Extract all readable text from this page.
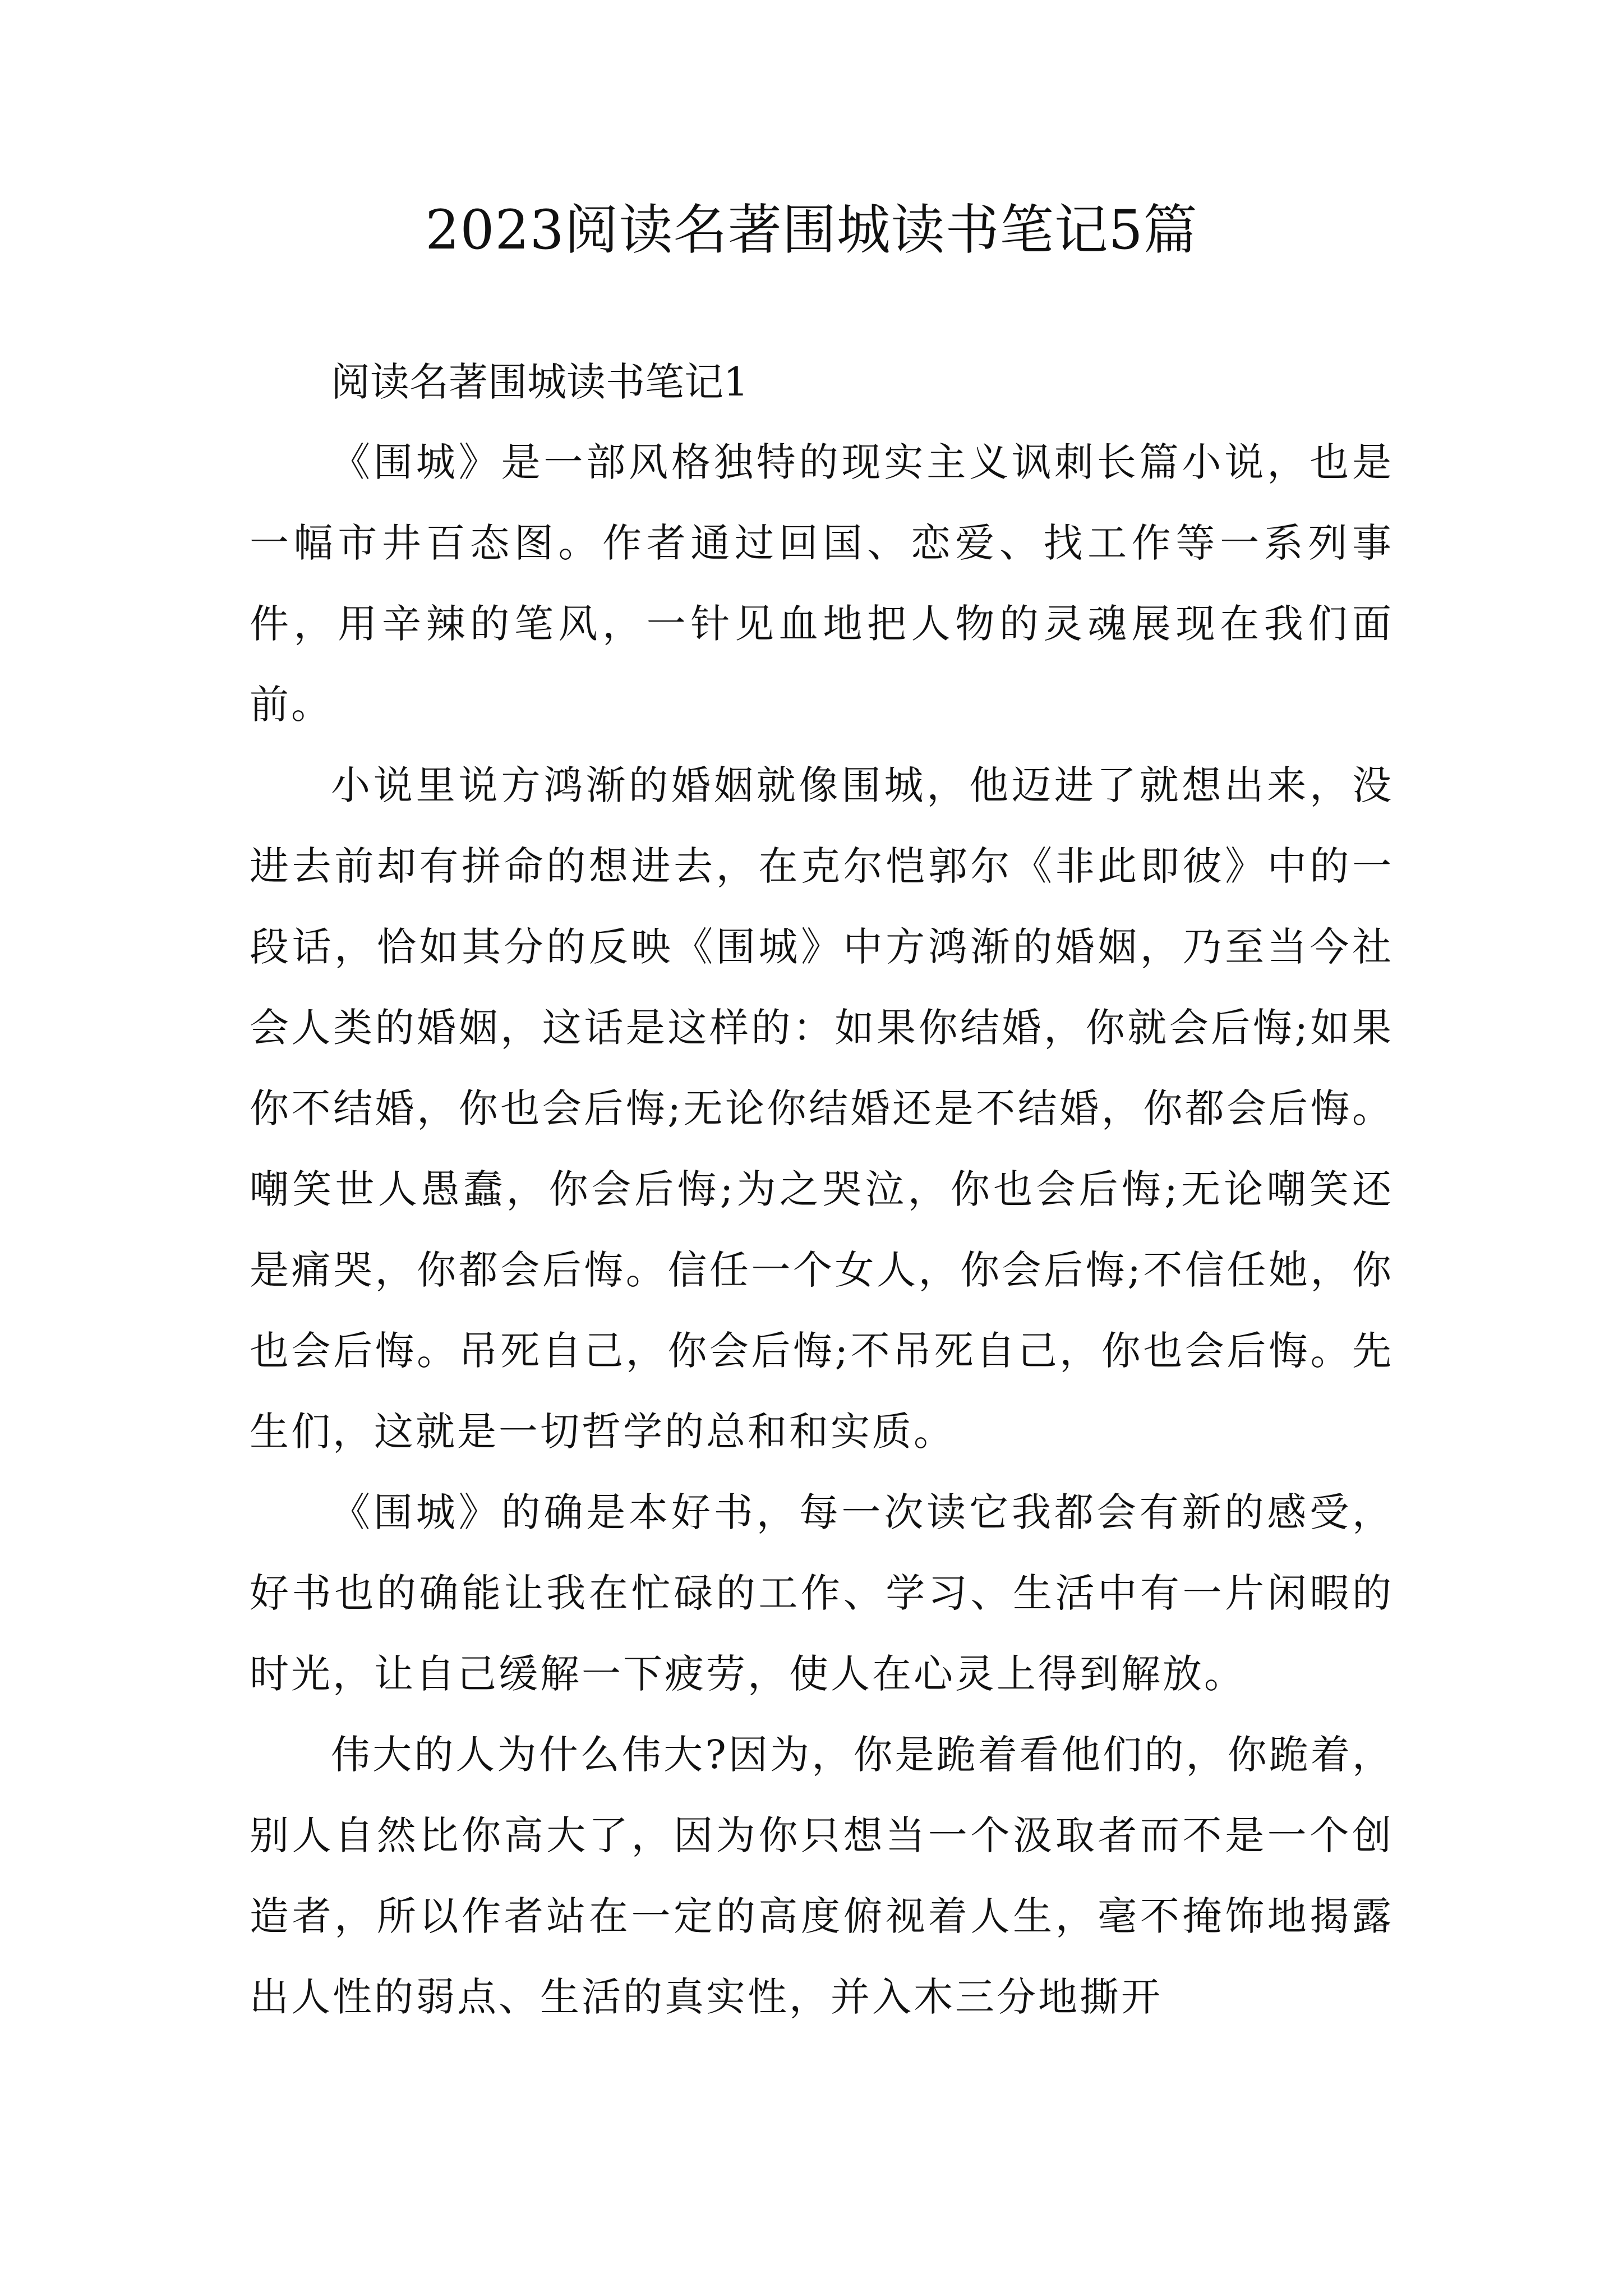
2023阅读名著围城读书笔记5篇

阅读名著围城读书笔记1

《围城》是一部风格独特的现实主义讽刺长篇小说，也是一幅市井百态图。作者通过回国、恋爱、找工作等一系列事件，用辛辣的笔风，一针见血地把人物的灵魂展现在我们面前。

小说里说方鸿渐的婚姻就像围城，他迈进了就想出来，没进去前却有拼命的想进去，在克尔恺郭尔《非此即彼》中的一段话，恰如其分的反映《围城》中方鸿渐的婚姻，乃至当今社会人类的婚姻，这话是这样的：如果你结婚，你就会后悔;如果你不结婚，你也会后悔;无论你结婚还是不结婚，你都会后悔。嘲笑世人愚蠢，你会后悔;为之哭泣，你也会后悔;无论嘲笑还是痛哭，你都会后悔。信任一个女人，你会后悔;不信任她，你也会后悔。吊死自己，你会后悔;不吊死自己，你也会后悔。先生们，这就是一切哲学的总和和实质。

《围城》的确是本好书，每一次读它我都会有新的感受，好书也的确能让我在忙碌的工作、学习、生活中有一片闲暇的时光，让自己缓解一下疲劳，使人在心灵上得到解放。

伟大的人为什么伟大?因为，你是跪着看他们的，你跪着，别人自然比你高大了，因为你只想当一个汲取者而不是一个创造者，所以作者站在一定的高度俯视着人生，毫不掩饰地揭露出人性的弱点、生活的真实性，并入木三分地撕开
